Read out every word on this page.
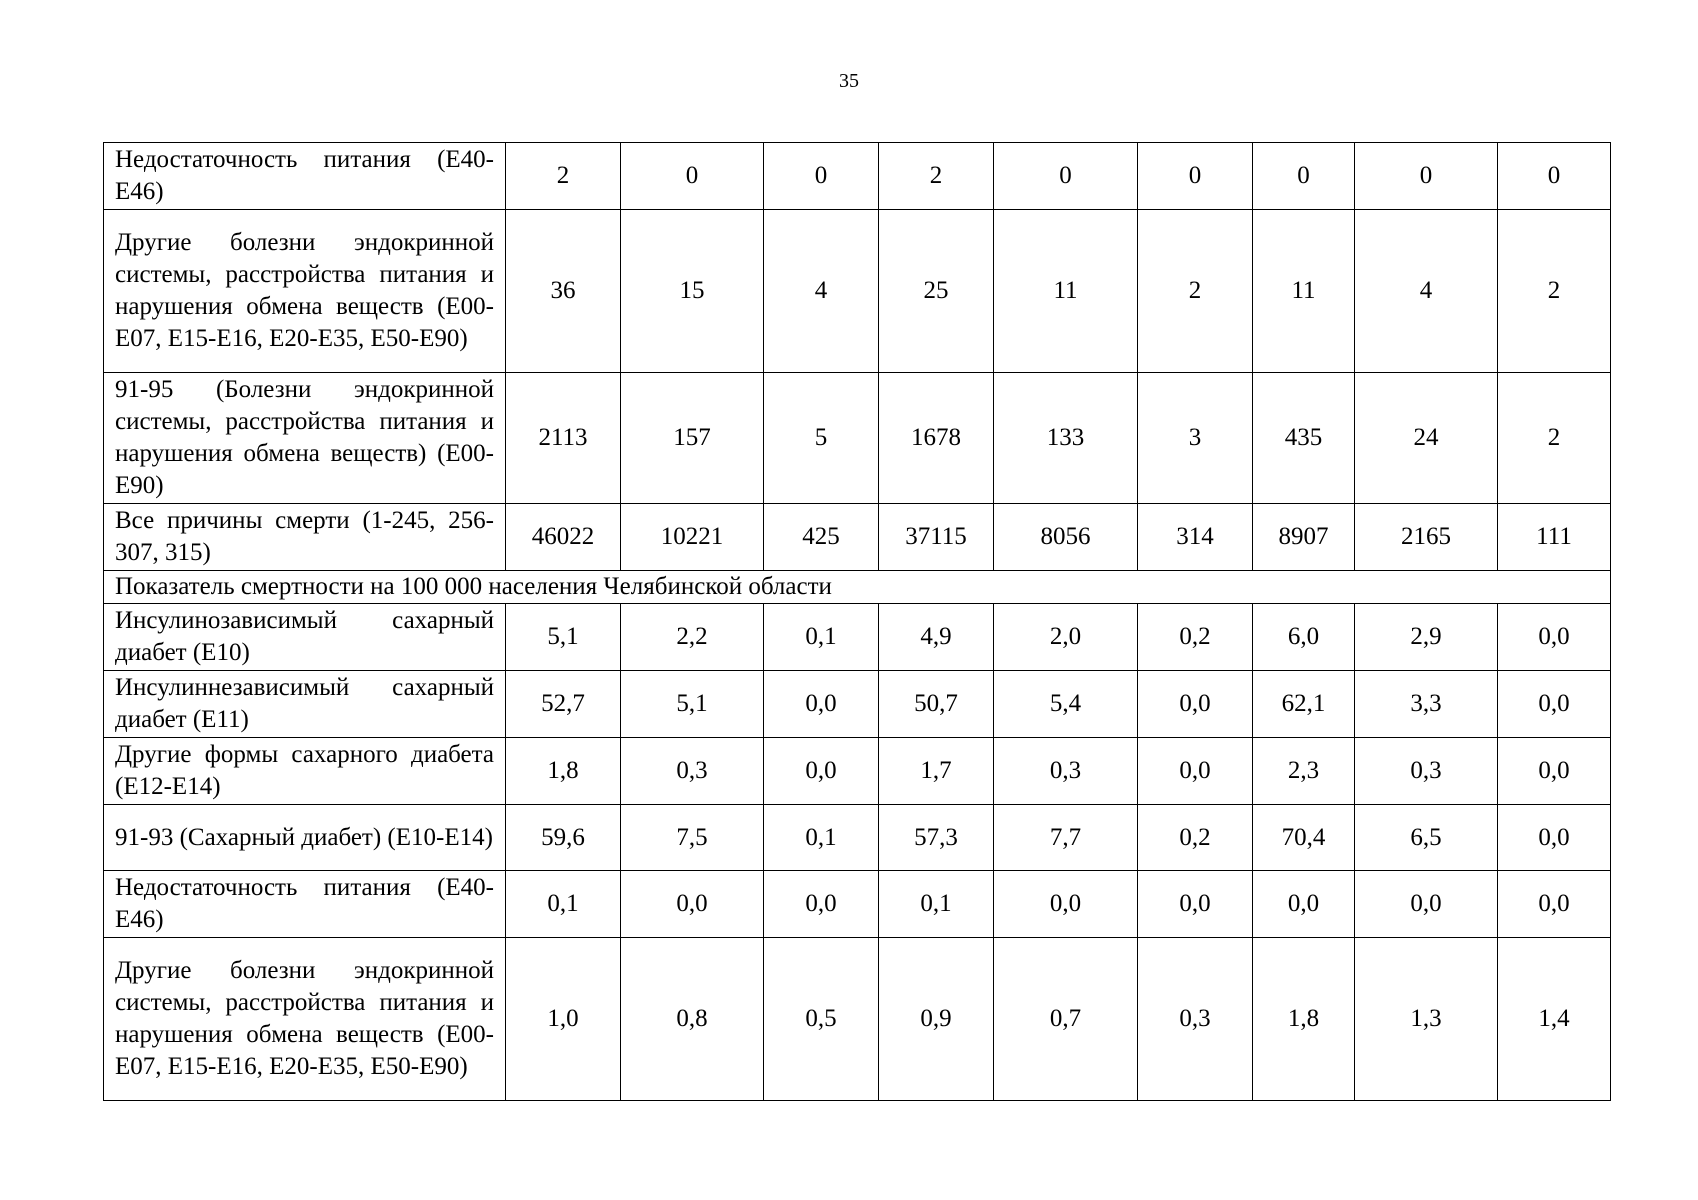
35
Недостаточность питания (E40-E46)	2	0	0	2	0	0	0	0	0
Другие болезни эндокринной системы, расстройства питания и нарушения обмена веществ (E00-E07, E15-E16, E20-E35, E50-E90)	36	15	4	25	11	2	11	4	2
91-95 (Болезни эндокринной системы, расстройства питания и нарушения обмена веществ) (E00-E90)	2113	157	5	1678	133	3	435	24	2
Все причины смерти (1-245, 256-307, 315)	46022	10221	425	37115	8056	314	8907	2165	111
Показатель смертности на 100 000 населения Челябинской области									
Инсулинозависимый сахарный диабет (E10)	5,1	2,2	0,1	4,9	2,0	0,2	6,0	2,9	0,0
Инсулиннезависимый сахарный диабет (E11)	52,7	5,1	0,0	50,7	5,4	0,0	62,1	3,3	0,0
Другие формы сахарного диабета (E12-E14)	1,8	0,3	0,0	1,7	0,3	0,0	2,3	0,3	0,0
91-93 (Сахарный диабет) (E10-E14)	59,6	7,5	0,1	57,3	7,7	0,2	70,4	6,5	0,0
Недостаточность питания (E40-E46)	0,1	0,0	0,0	0,1	0,0	0,0	0,0	0,0	0,0
Другие болезни эндокринной системы, расстройства питания и нарушения обмена веществ (E00-E07, E15-E16, E20-E35, E50-E90)	1,0	0,8	0,5	0,9	0,7	0,3	1,8	1,3	1,4
